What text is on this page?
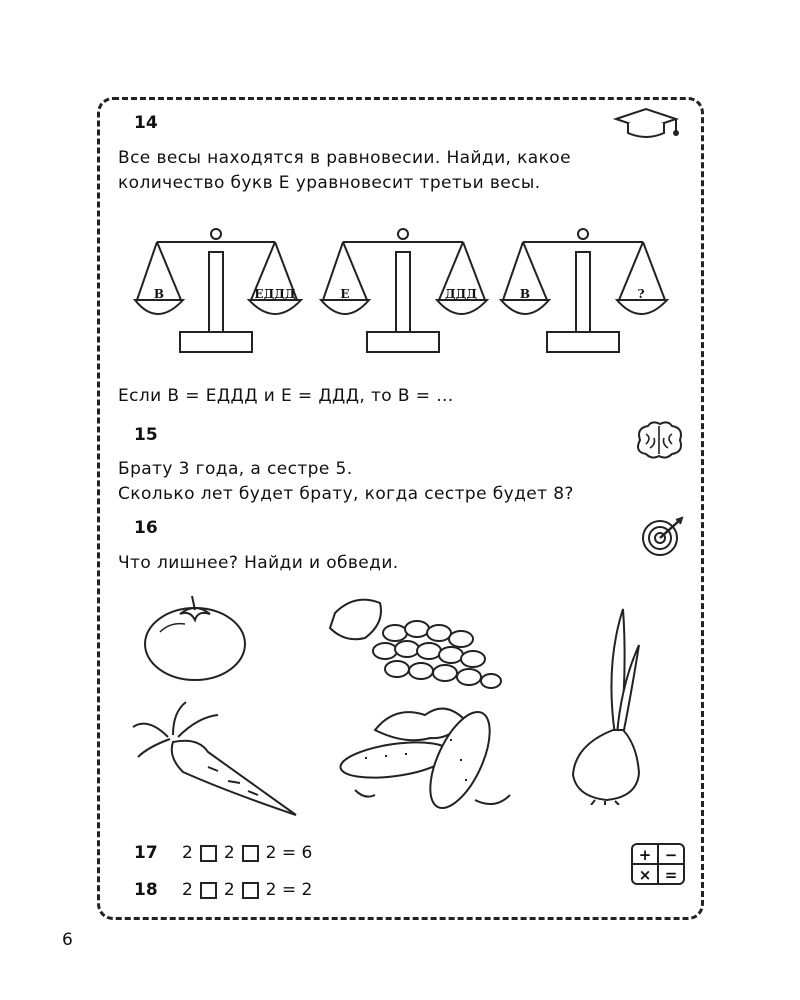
14
Все весы находятся в равновесии. Найди, какое
количество букв Е уравновесит третьи весы.
В	ЕДДД	Е	ДДД	В	?
Если В = ЕДДД и Е = ДДД, то В = ...
15
Брату 3 года, а сестре 5.
Сколько лет будет брату, когда сестре будет 8?
16
Что лишнее? Найди и обведи.
17	2 2 2 = 6
18	2 2 2 = 2
+ −
× =
6
